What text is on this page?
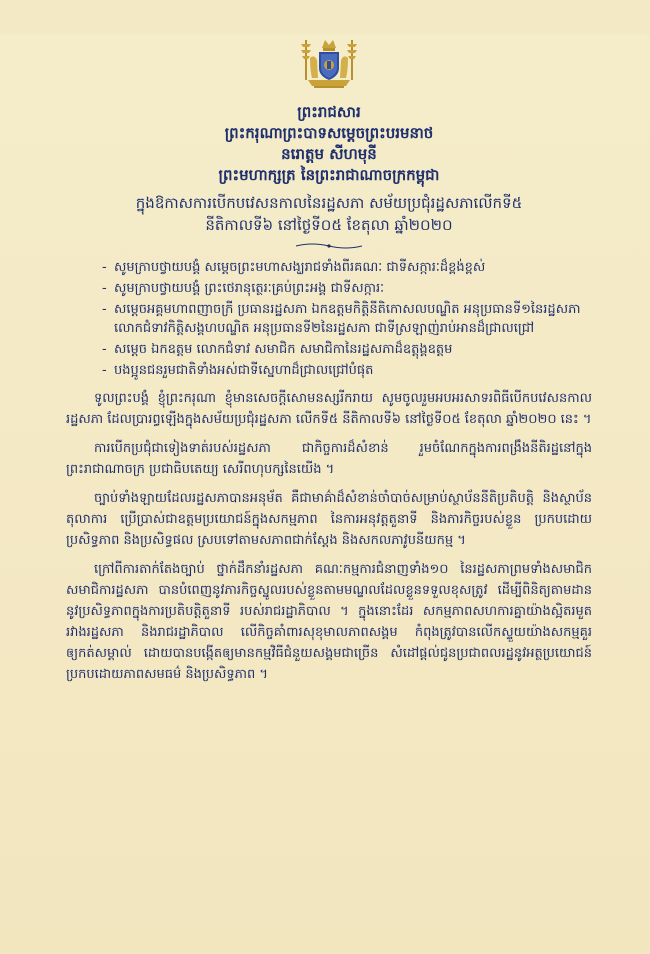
ព្រះរាជសារ

ព្រះករុណាព្រះបាទសម្ដេចព្រះបរមនាថ

នរោត្តម សីហមុនី

ព្រះមហាក្សត្រ នៃព្រះរាជាណាចក្រកម្ពុជា

ក្នុងឱកាសការបើកបវេសនកាលនៃរដ្ឋសភា សម័យប្រជុំរដ្ឋសភាលើកទី៥

នីតិកាលទី៦ នៅថ្ងៃទី០៥ ខែតុលា ឆ្នាំ២០២០

- សូមក្រាបថ្វាយបង្គំ សម្ដេចព្រះមហាសង្ឃរាជទាំងពីរគណៈ ជាទីសក្ការៈដ៏ខ្ពង់ខ្ពស់
- សូមក្រាបថ្វាយបង្គំ ព្រះថេរានុត្ថេរៈគ្រប់ព្រះអង្គ ជាទីសក្ការៈ
- សម្ដេចអគ្គមហាពញាចក្រី ប្រធានរដ្ឋសភា ឯកឧត្តមកិត្តិនីតិកោសលបណ្ឌិត អនុប្រធានទី១នៃរដ្ឋសភា លោកជំទាវកិត្តិសង្គហបណ្ឌិត អនុប្រធានទី២នៃរដ្ឋសភា ជាទីស្រឡាញ់រាប់អានដ៏ជ្រាលជ្រៅ
- សម្ដេច ឯកឧត្តម លោកជំទាវ សមាជិក សមាជិកានៃរដ្ឋសភាដ៏ឧត្ដុង្គឧត្ដម
- បងប្អូនជនរួមជាតិទាំងអស់ជាទីស្នេហាដ៏ជ្រាលជ្រៅបំផុត

ទូលព្រះបង្គំ ខ្ញុំព្រះករុណា ខ្ញុំមានសេចក្ដីសោមនស្សរីករាយ សូមចូលរួមអបអរសាទរពិធីបើកបវេសនកាលរដ្ឋសភា ដែលប្រារព្ធឡើងក្នុងសម័យប្រជុំរដ្ឋសភា លើកទី៥ នីតិកាលទី៦ នៅថ្ងៃទី០៥ ខែតុលា ឆ្នាំ២០២០ នេះ ។

ការបើកប្រជុំជាទៀងទាត់របស់រដ្ឋសភា ជាកិច្ចការដ៏សំខាន់ រួមចំណែកក្នុងការពង្រឹងនីតិរដ្ឋនៅក្នុងព្រះរាជាណាចក្រ ប្រជាធិបតេយ្យ សេរីពហុបក្សនៃយើង ។

ច្បាប់ទាំងឡាយដែលរដ្ឋសភាបានអនុម័ត គឺជាមាគ៌ាដ៏សំខាន់ចាំបាច់សម្រាប់ស្ថាប័ននីតិប្រតិបត្តិ និងស្ថាប័នតុលាការ ប្រើប្រាស់ជាឧត្តមប្រយោជន៍ក្នុងសកម្មភាព នៃការអនុវត្តតួនាទី និងភារកិច្ចរបស់ខ្លួន ប្រកបដោយប្រសិទ្ធភាព និងប្រសិទ្ធផល ស្របទៅតាមសភាពជាក់ស្ដែង និងសកលភាវូបនីយកម្ម ។

ក្រៅពីការតាក់តែងច្បាប់ ថ្នាក់ដឹកនាំរដ្ឋសភា គណៈកម្មការជំនាញទាំង១០ នៃរដ្ឋសភាព្រមទាំងសមាជិក សមាជិការដ្ឋសភា បានបំពេញនូវភារកិច្ចស្នូលរបស់ខ្លួនតាមមណ្ឌលដែលខ្លួនទទួលខុសត្រូវ ដើម្បីពិនិត្យតាមដាននូវប្រសិទ្ធភាពក្នុងការប្រតិបត្តិតួនាទី របស់រាជរដ្ឋាភិបាល ។ ក្នុងនោះដែរ សកម្មភាពសហការគ្នាយ៉ាងស្អិតរមួត រវាងរដ្ឋសភា និងរាជរដ្ឋាភិបាល លើកិច្ចគាំពារសុខុមាលភាពសង្គម កំពុងត្រូវបានលើកស្ទួយយ៉ាងសកម្មគួរឲ្យកត់សម្គាល់ ដោយបានបង្កើតឲ្យមានកម្មវិធីជំនួយសង្គមជាច្រើន សំដៅផ្ដល់ជូនប្រជាពលរដ្ឋនូវអត្ថប្រយោជន៍ប្រកបដោយភាពសមធម៌ និងប្រសិទ្ធភាព ។
